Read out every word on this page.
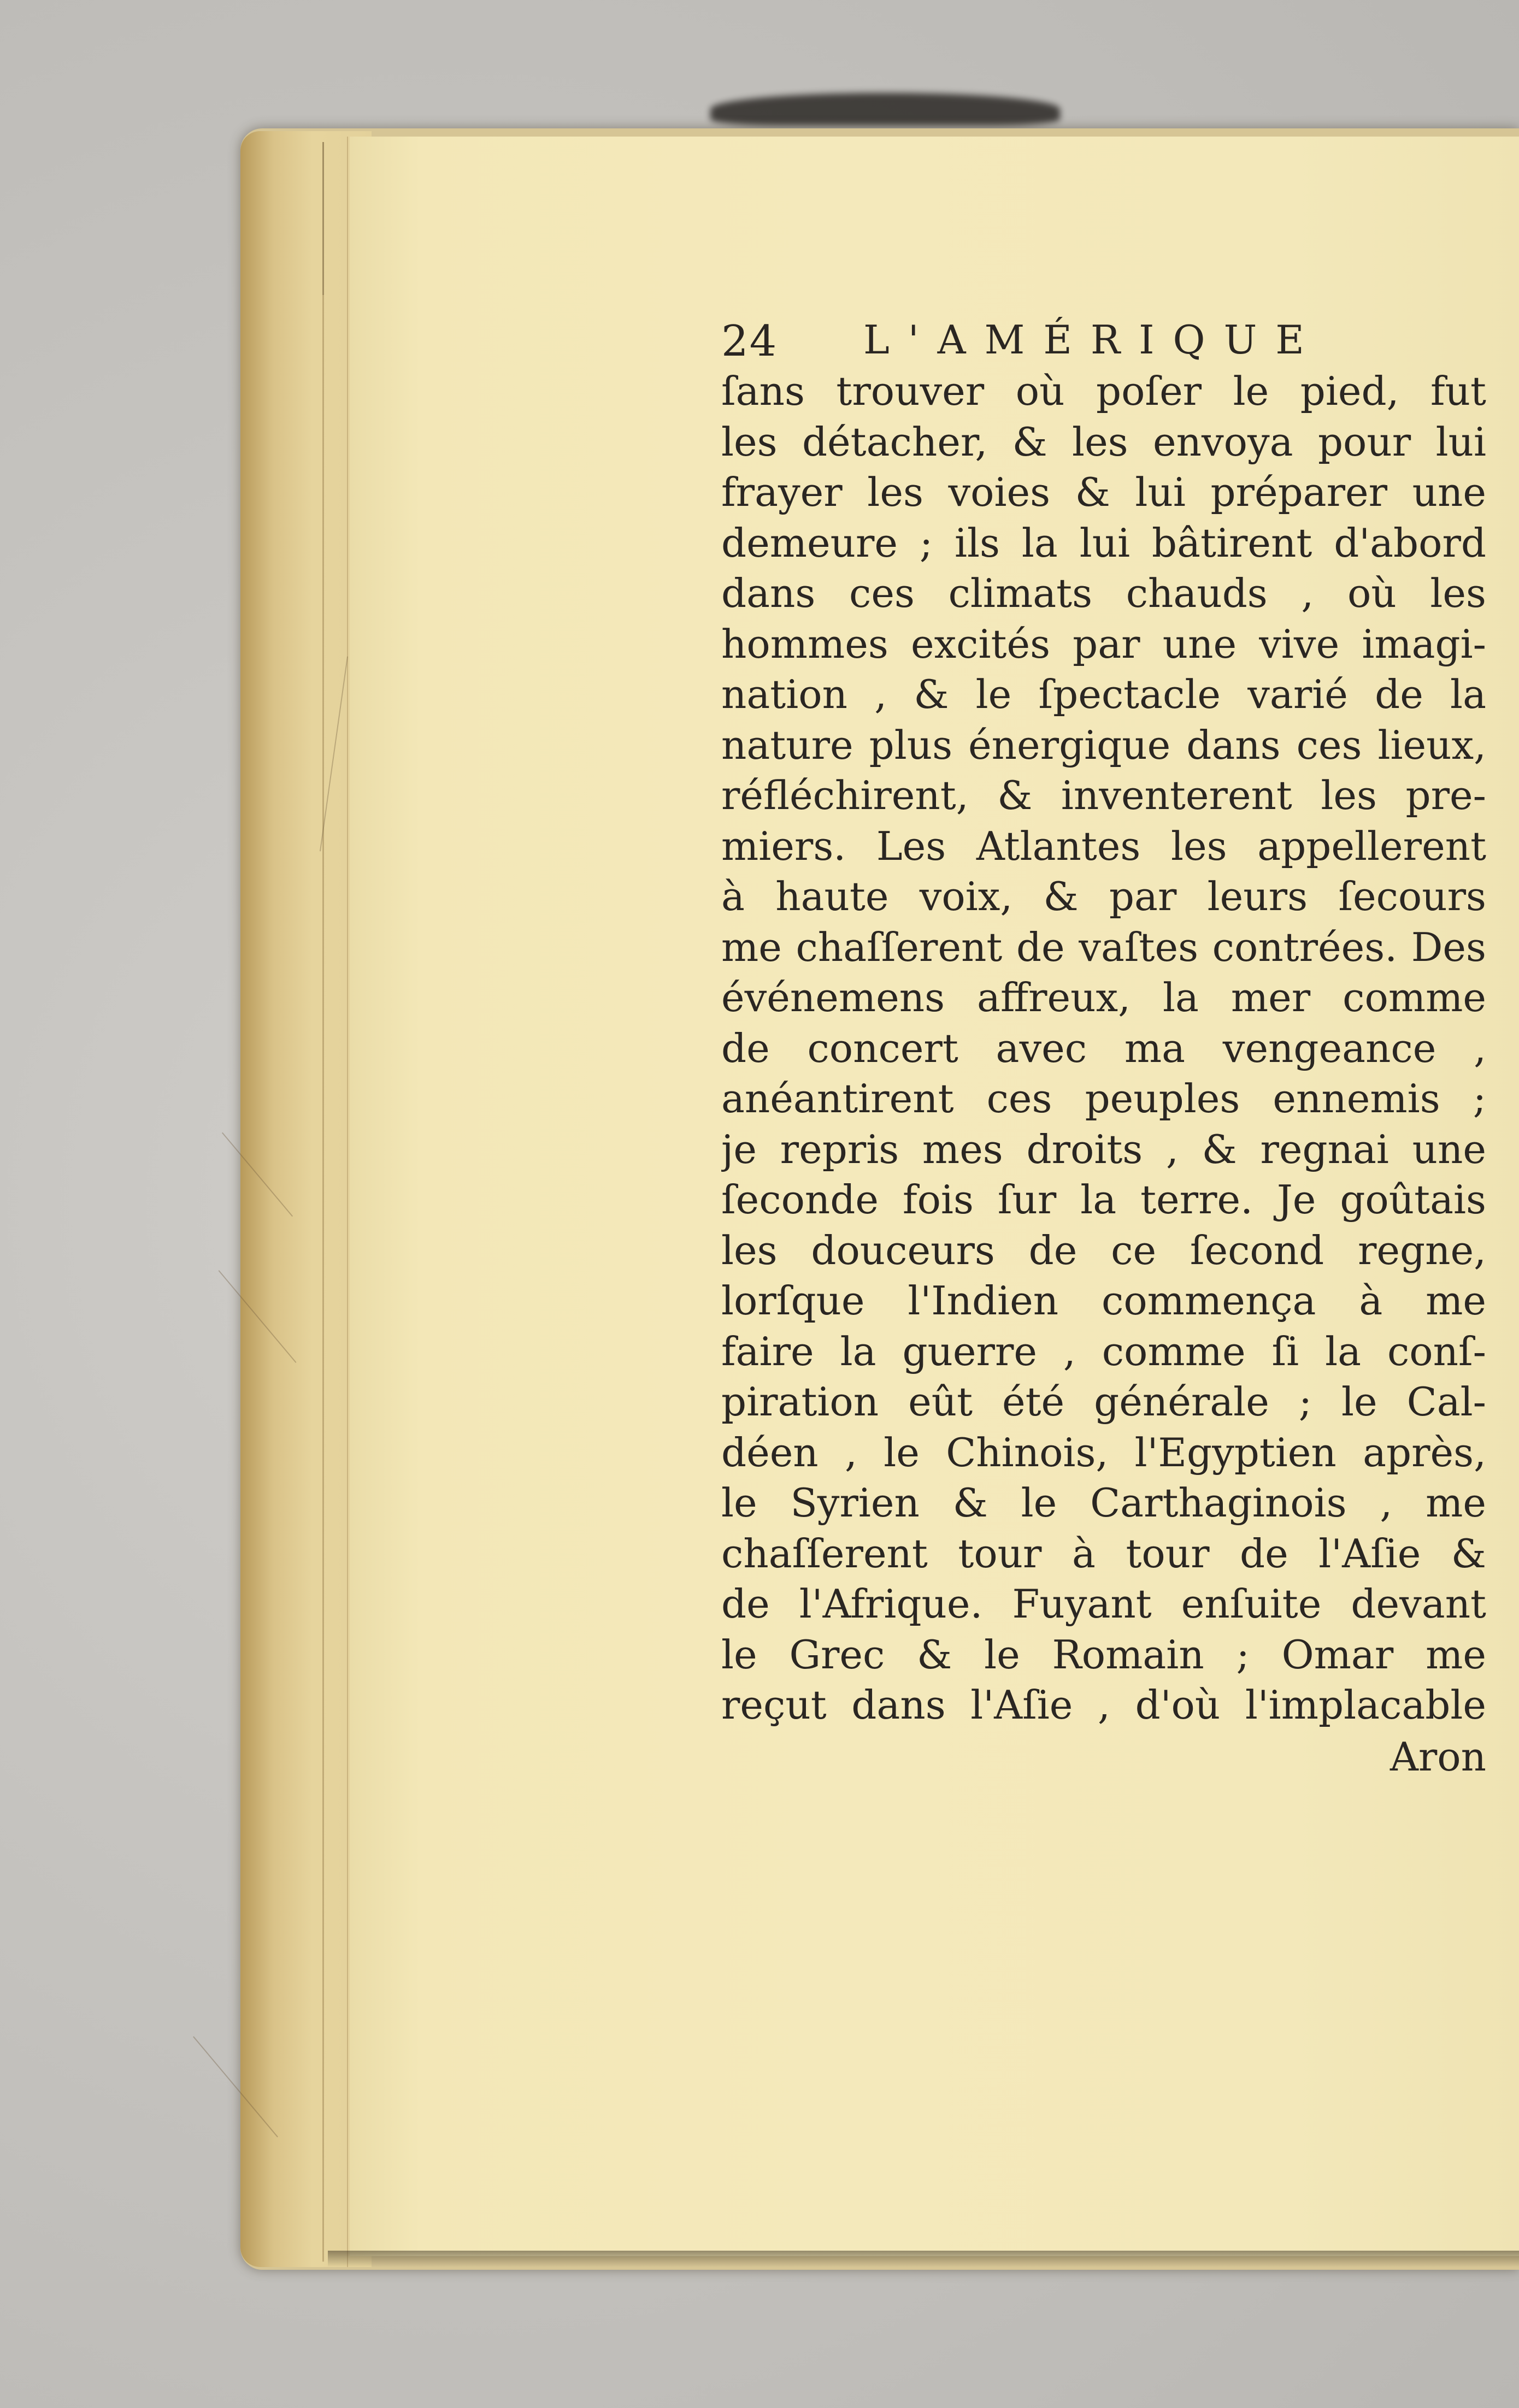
24 L'AMÉRIQUE
ſans trouver où poſer le pied, fut
les détacher, & les envoya pour lui
frayer les voies & lui préparer une
demeure ; ils la lui bâtirent d'abord
dans ces climats chauds , où les
hommes excités par une vive imagi-
nation , & le ſpectacle varié de la
nature plus énergique dans ces lieux,
réfléchirent, & inventerent les pre-
miers. Les Atlantes les appellerent
à haute voix, & par leurs ſecours
me chaſſerent de vaſtes contrées. Des
événemens affreux, la mer comme
de concert avec ma vengeance ,
anéantirent ces peuples ennemis ;
je repris mes droits , & regnai une
ſeconde fois ſur la terre. Je goûtais
les douceurs de ce ſecond regne,
lorſque l'Indien commença à me
faire la guerre , comme ſi la conſ-
piration eût été générale ; le Cal-
déen , le Chinois, l'Egyptien après,
le Syrien & le Carthaginois , me
chaſſerent tour à tour de l'Aſie &
de l'Afrique. Fuyant enſuite devant
le Grec & le Romain ; Omar me
reçut dans l'Aſie , d'où l'implacable
Aron
